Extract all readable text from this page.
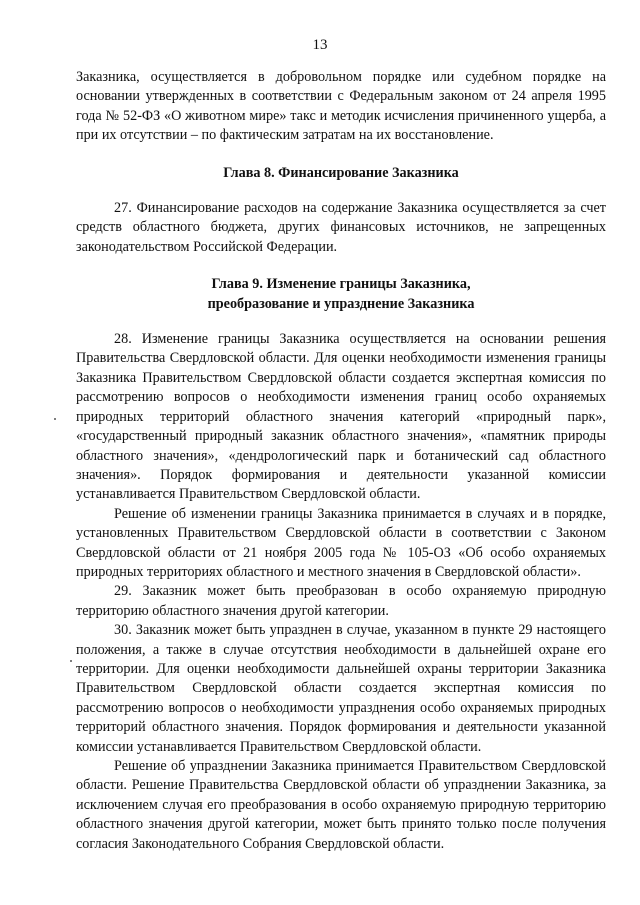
13

Заказника, осуществляется в добровольном порядке или судебном порядке на основании утвержденных в соответствии с Федеральным законом от 24 апреля 1995 года № 52-ФЗ «О животном мире» такс и методик исчисления причиненного ущерба, а при их отсутствии – по фактическим затратам на их восстановление.

Глава 8. Финансирование Заказника

27. Финансирование расходов на содержание Заказника осуществляется за счет средств областного бюджета, других финансовых источников, не запрещенных законодательством Российской Федерации.

Глава 9. Изменение границы Заказника,
преобразование и упразднение Заказника

28. Изменение границы Заказника осуществляется на основании решения Правительства Свердловской области. Для оценки необходимости изменения границы Заказника Правительством Свердловской области создается экспертная комиссия по рассмотрению вопросов о необходимости изменения границ особо охраняемых природных территорий областного значения категорий «природный парк», «государственный природный заказник областного значения», «памятник природы областного значения», «дендрологический парк и ботанический сад областного значения». Порядок формирования и деятельности указанной комиссии устанавливается Правительством Свердловской области.

Решение об изменении границы Заказника принимается в случаях и в порядке, установленных Правительством Свердловской области в соответствии с Законом Свердловской области от 21 ноября 2005 года № 105-ОЗ «Об особо охраняемых природных территориях областного и местного значения в Свердловской области».

29. Заказник может быть преобразован в особо охраняемую природную территорию областного значения другой категории.

30. Заказник может быть упразднен в случае, указанном в пункте 29 настоящего положения, а также в случае отсутствия необходимости в дальнейшей охране его территории. Для оценки необходимости дальнейшей охраны территории Заказника Правительством Свердловской области создается экспертная комиссия по рассмотрению вопросов о необходимости упразднения особо охраняемых природных территорий областного значения. Порядок формирования и деятельности указанной комиссии устанавливается Правительством Свердловской области.

Решение об упразднении Заказника принимается Правительством Свердловской области. Решение Правительства Свердловской области об упразднении Заказника, за исключением случая его преобразования в особо охраняемую природную территорию областного значения другой категории, может быть принято только после получения согласия Законодательного Собрания Свердловской области.
